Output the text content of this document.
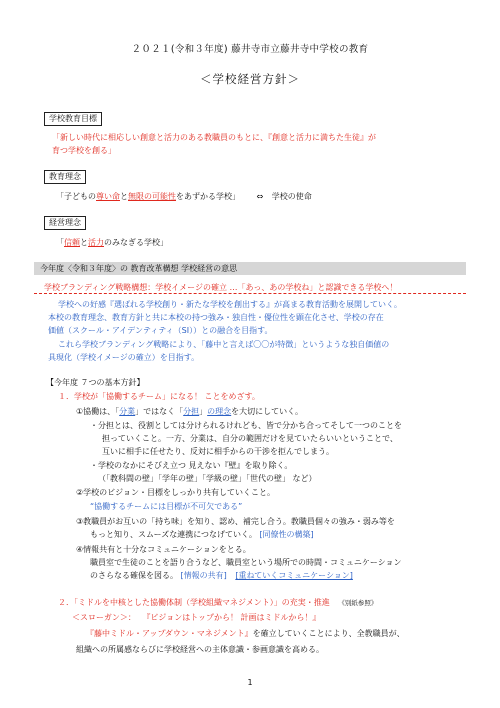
２０２１(令和３年度) 藤井寺市立藤井寺中学校の教育
＜学校経営方針＞
学校教育目標
「新しい時代に相応しい創意と活力のある教職員のもとに、『創意と活力に満ちた生徒』が
育つ学校を創る」
教育理念
「子どもの尊い命と無限の可能性をあずかる学校」 ⇔ 学校の使命
経営理念
「信頼と活力のみなぎる学校」
今年度〈令和３年度〉の 教育改革構想 学校経営の意思
学校ブランディング戦略構想：学校イメージの確立 …「あっ、あの学校ね」と認識できる学校へ！
学校への好感『選ばれる学校創り・新たな学校を創出する』が高まる教育活動を展開していく。
本校の教育理念、教育方針と共に本校の持つ強み・独自性・優位性を顕在化させ、学校の存在
価値（スクール・アイデンティティ（SI））との融合を目指す。
これら学校ブランディング戦略により、「藤中と言えば〇〇が特徴」というような独自価値の
具現化（学校イメージの確立）を目指す。
【今年度 ７つの基本方針】
１．学校が「協働するチーム」になる！ ことをめざす。
①協働は、「分業」ではなく「分担」の理念を大切にしていく。
・分担とは、役割としては分けられるけれども、皆で分かち合ってそして一つのことを
担っていくこと。一方、分業は、自分の範囲だけを見ていたらいいということで、
互いに相手に任せたり、反対に相手からの干渉を拒んでしまう。
・学校のなかにそびえ立つ 見えない『壁』を取り除く。
（「教科間の壁」「学年の壁」「学級の壁」「世代の壁」 など）
②学校のビジョン・目標をしっかり共有していくこと。
“協働するチームには目標が不可欠である”
③教職員がお互いの「持ち味」を知り、認め、補完し合う。教職員個々の強み・弱み等を
もっと知り、スムーズな連携につなげていく。 [同僚性の構築]
④情報共有と十分なコミュニケーションをとる。
職員室で生徒のことを語り合うなど、職員室という場所での時間・コミュニケーション
のさらなる確保を図る。 [情報の共有] [重ねていくコミュニケーション]
２．「ミドルを中核とした協働体制（学校組織マネジメント）」の充実・推進 《別紙参照》
＜スローガン＞： 『ビジョンはトップから！ 計画はミドルから！』
『藤中ミドル・アップダウン・マネジメント』を確立していくことにより、全教職員が、
組織への所属感ならびに学校経営への主体意識・参画意識を高める。
1
